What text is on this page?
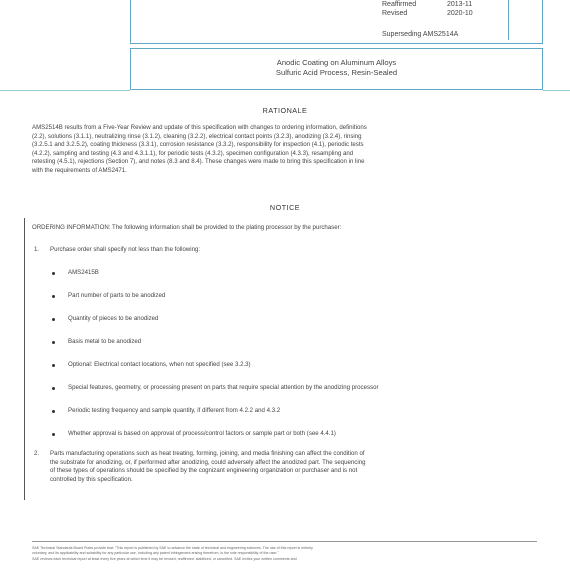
Reaffirmed	2013-11
Revised	2020-10
Superseding AMS2514A
Anodic Coating on Aluminum Alloys
Sulfuric Acid Process, Resin-Sealed
RATIONALE
AMS2514B results from a Five-Year Review and update of this specification with changes to ordering information, definitions
(2.2), solutions (3.1.1), neutralizing rinse (3.1.2), cleaning (3.2.2), electrical contact points (3.2.3), anodizing (3.2.4), rinsing
(3.2.5.1 and 3.2.5.2), coating thickness (3.3.1), corrosion resistance (3.3.2), responsibility for inspection (4.1), periodic tests
(4.2.2), sampling and testing (4.3 and 4.3.1.1), for periodic tests (4.3.2), specimen configuration (4.3.3), resampling and
retesting (4.5.1), rejections (Section 7), and notes (8.3 and 8.4). These changes were made to bring this specification in line
with the requirements of AMS2471.
NOTICE
ORDERING INFORMATION: The following information shall be provided to the plating processor by the purchaser:
1. Purchase order shall specify not less than the following:
AMS2415B
Part number of parts to be anodized
Quantity of pieces to be anodized
Basis metal to be anodized
Optional: Electrical contact locations, when not specified (see 3.2.3)
Special features, geometry, or processing present on parts that require special attention by the anodizing processor
Periodic testing frequency and sample quantity, if different from 4.2.2 and 4.3.2
Whether approval is based on approval of process/control factors or sample part or both (see 4.4.1)
2. Parts manufacturing operations such as heat treating, forming, joining, and media finishing can affect the condition of
the substrate for anodizing, or, if performed after anodizing, could adversely affect the anodized part. The sequencing
of these types of operations should be specified by the cognizant engineering organization or purchaser and is not
controlled by this specification.
SAE Technical Standards Board Rules provide that: "This report is published by SAE to advance the state of technical and engineering sciences. The use of this report is entirely
voluntary, and its applicability and suitability for any particular use, including any patent infringement arising therefrom, is the sole responsibility of the user."
SAE reviews each technical report at least every five years at which time it may be revised, reaffirmed, stabilized, or cancelled. SAE invites your written comments and
